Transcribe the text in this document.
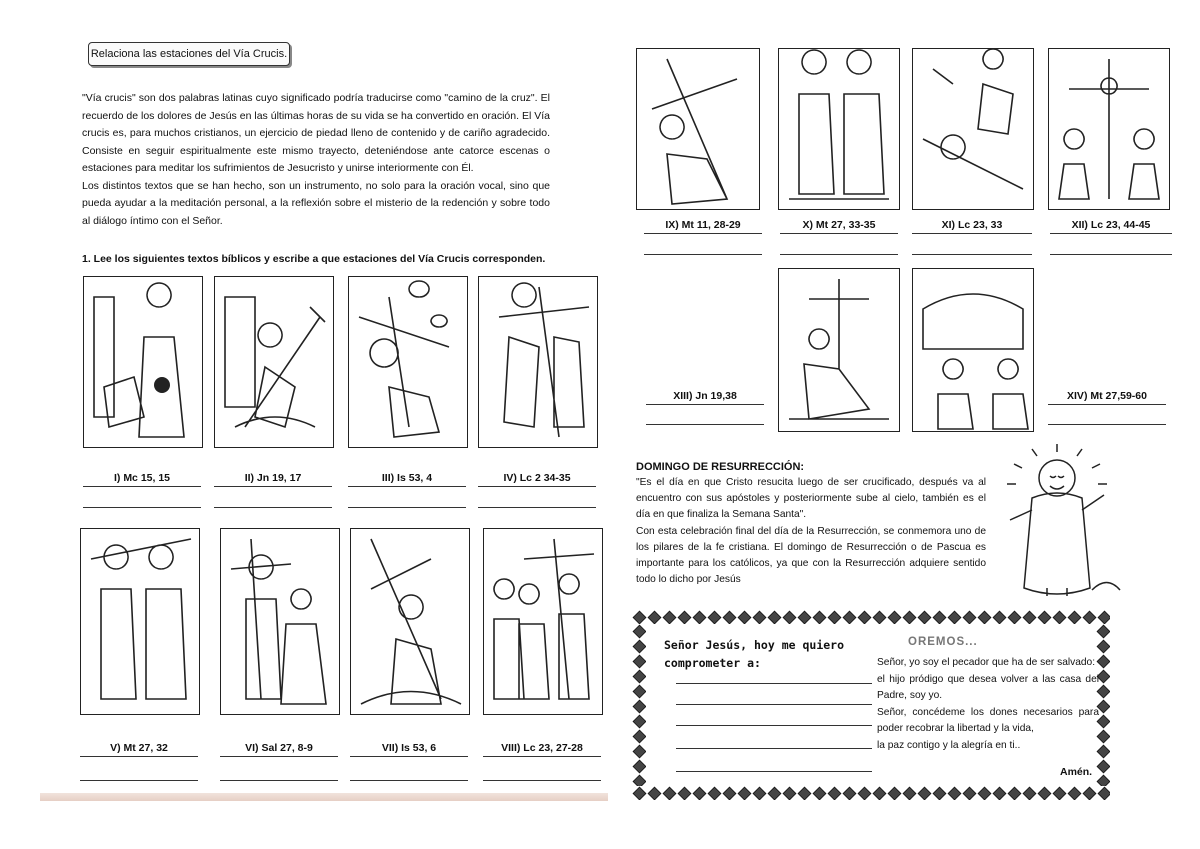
Relaciona las estaciones del Vía Crucis.

"Vía crucis" son dos palabras latinas cuyo significado podría traducirse como "camino de la cruz". El recuerdo de los dolores de Jesús en las últimas horas de su vida se ha convertido en oración. El Vía crucis es, para muchos cristianos, un ejercicio de piedad lleno de contenido y de cariño agradecido. Consiste en seguir espiritualmente este mismo trayecto, deteniéndose ante catorce escenas o estaciones para meditar los sufrimientos de Jesucristo y unirse interiormente con Él.

Los distintos textos que se han hecho, son un instrumento, no solo para la oración vocal, sino que pueda ayudar a la meditación personal, a la reflexión sobre el misterio de la redención y sobre todo al diálogo íntimo con el Señor.

1. Lee los siguientes textos bíblicos y escribe a que estaciones del Vía Crucis corresponden.
I) Mc 15, 15	II) Jn 19, 17	III) Is 53, 4	IV) Lc 2 34-35
V) Mt 27, 32	VI) Sal 27, 8-9	VII) Is 53, 6	VIII) Lc 23, 27-28
IX) Mt 11, 28-29	X) Mt 27, 33-35	XI) Lc 23, 33	XII) Lc 23, 44-45
XIII) Jn 19,38	XIV) Mt 27,59-60
DOMINGO DE RESURRECCIÓN:

"Es el día en que Cristo resucita luego de ser crucificado, después va al encuentro con sus apóstoles y posteriormente sube al cielo, también es el día en que finaliza la Semana Santa".

Con esta celebración final del día de la Resurrección, se conmemora uno de los pilares de la fe cristiana. El domingo de Resurrección o de Pascua es importante para los católicos, ya que con la Resurrección adquiere sentido todo lo dicho por Jesús

Señor Jesús, hoy me quiero comprometer a:
OREMOS...

Señor, yo soy el pecador que ha de ser salvado:

el hijo pródigo que desea volver a las casa del Padre, soy yo.

Señor, concédeme los dones necesarios para poder recobrar la libertad y la vida,

la paz contigo y la alegría en ti..

Amén.
